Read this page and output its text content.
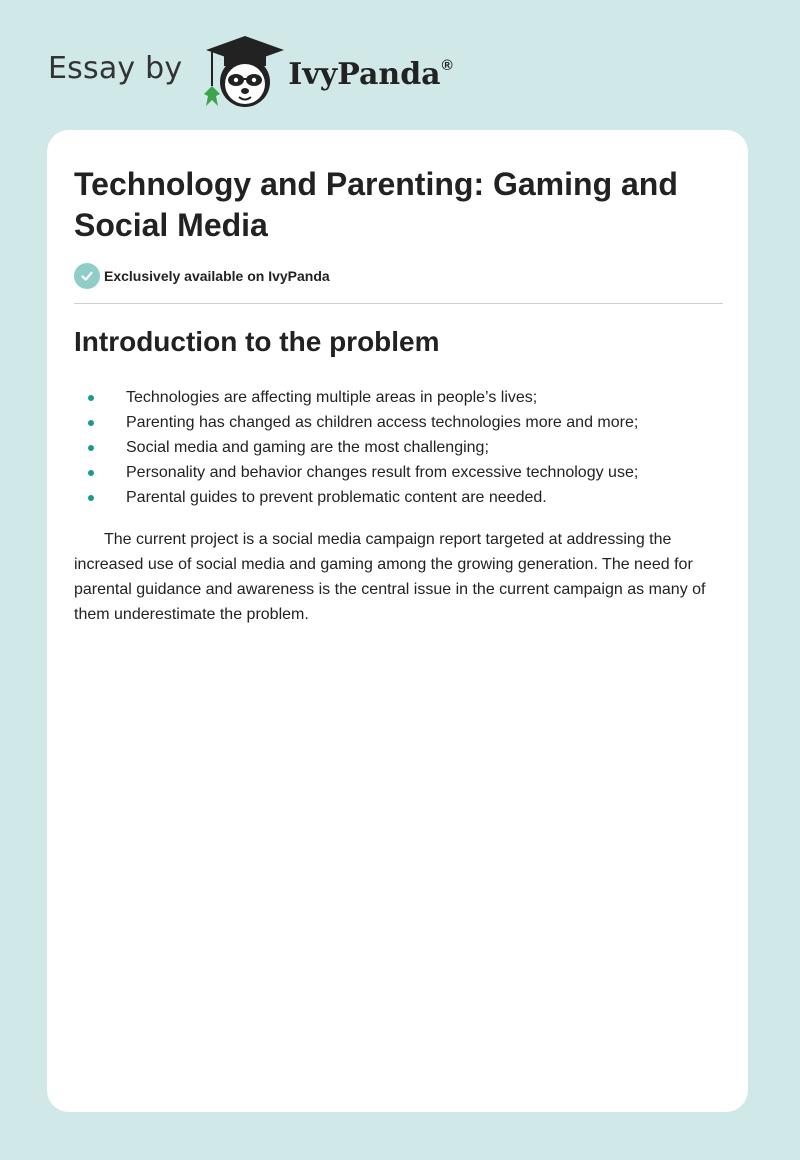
Essay by	IvyPanda®
Technology and Parenting: Gaming and Social Media
Exclusively available on IvyPanda
Introduction to the problem
Technologies are affecting multiple areas in people’s lives;
Parenting has changed as children access technologies more and more;
Social media and gaming are the most challenging;
Personality and behavior changes result from excessive technology use;
Parental guides to prevent problematic content are needed.

The current project is a social media campaign report targeted at addressing the increased use of social media and gaming among the growing generation. The need for parental guidance and awareness is the central issue in the current campaign as many of them underestimate the problem.
